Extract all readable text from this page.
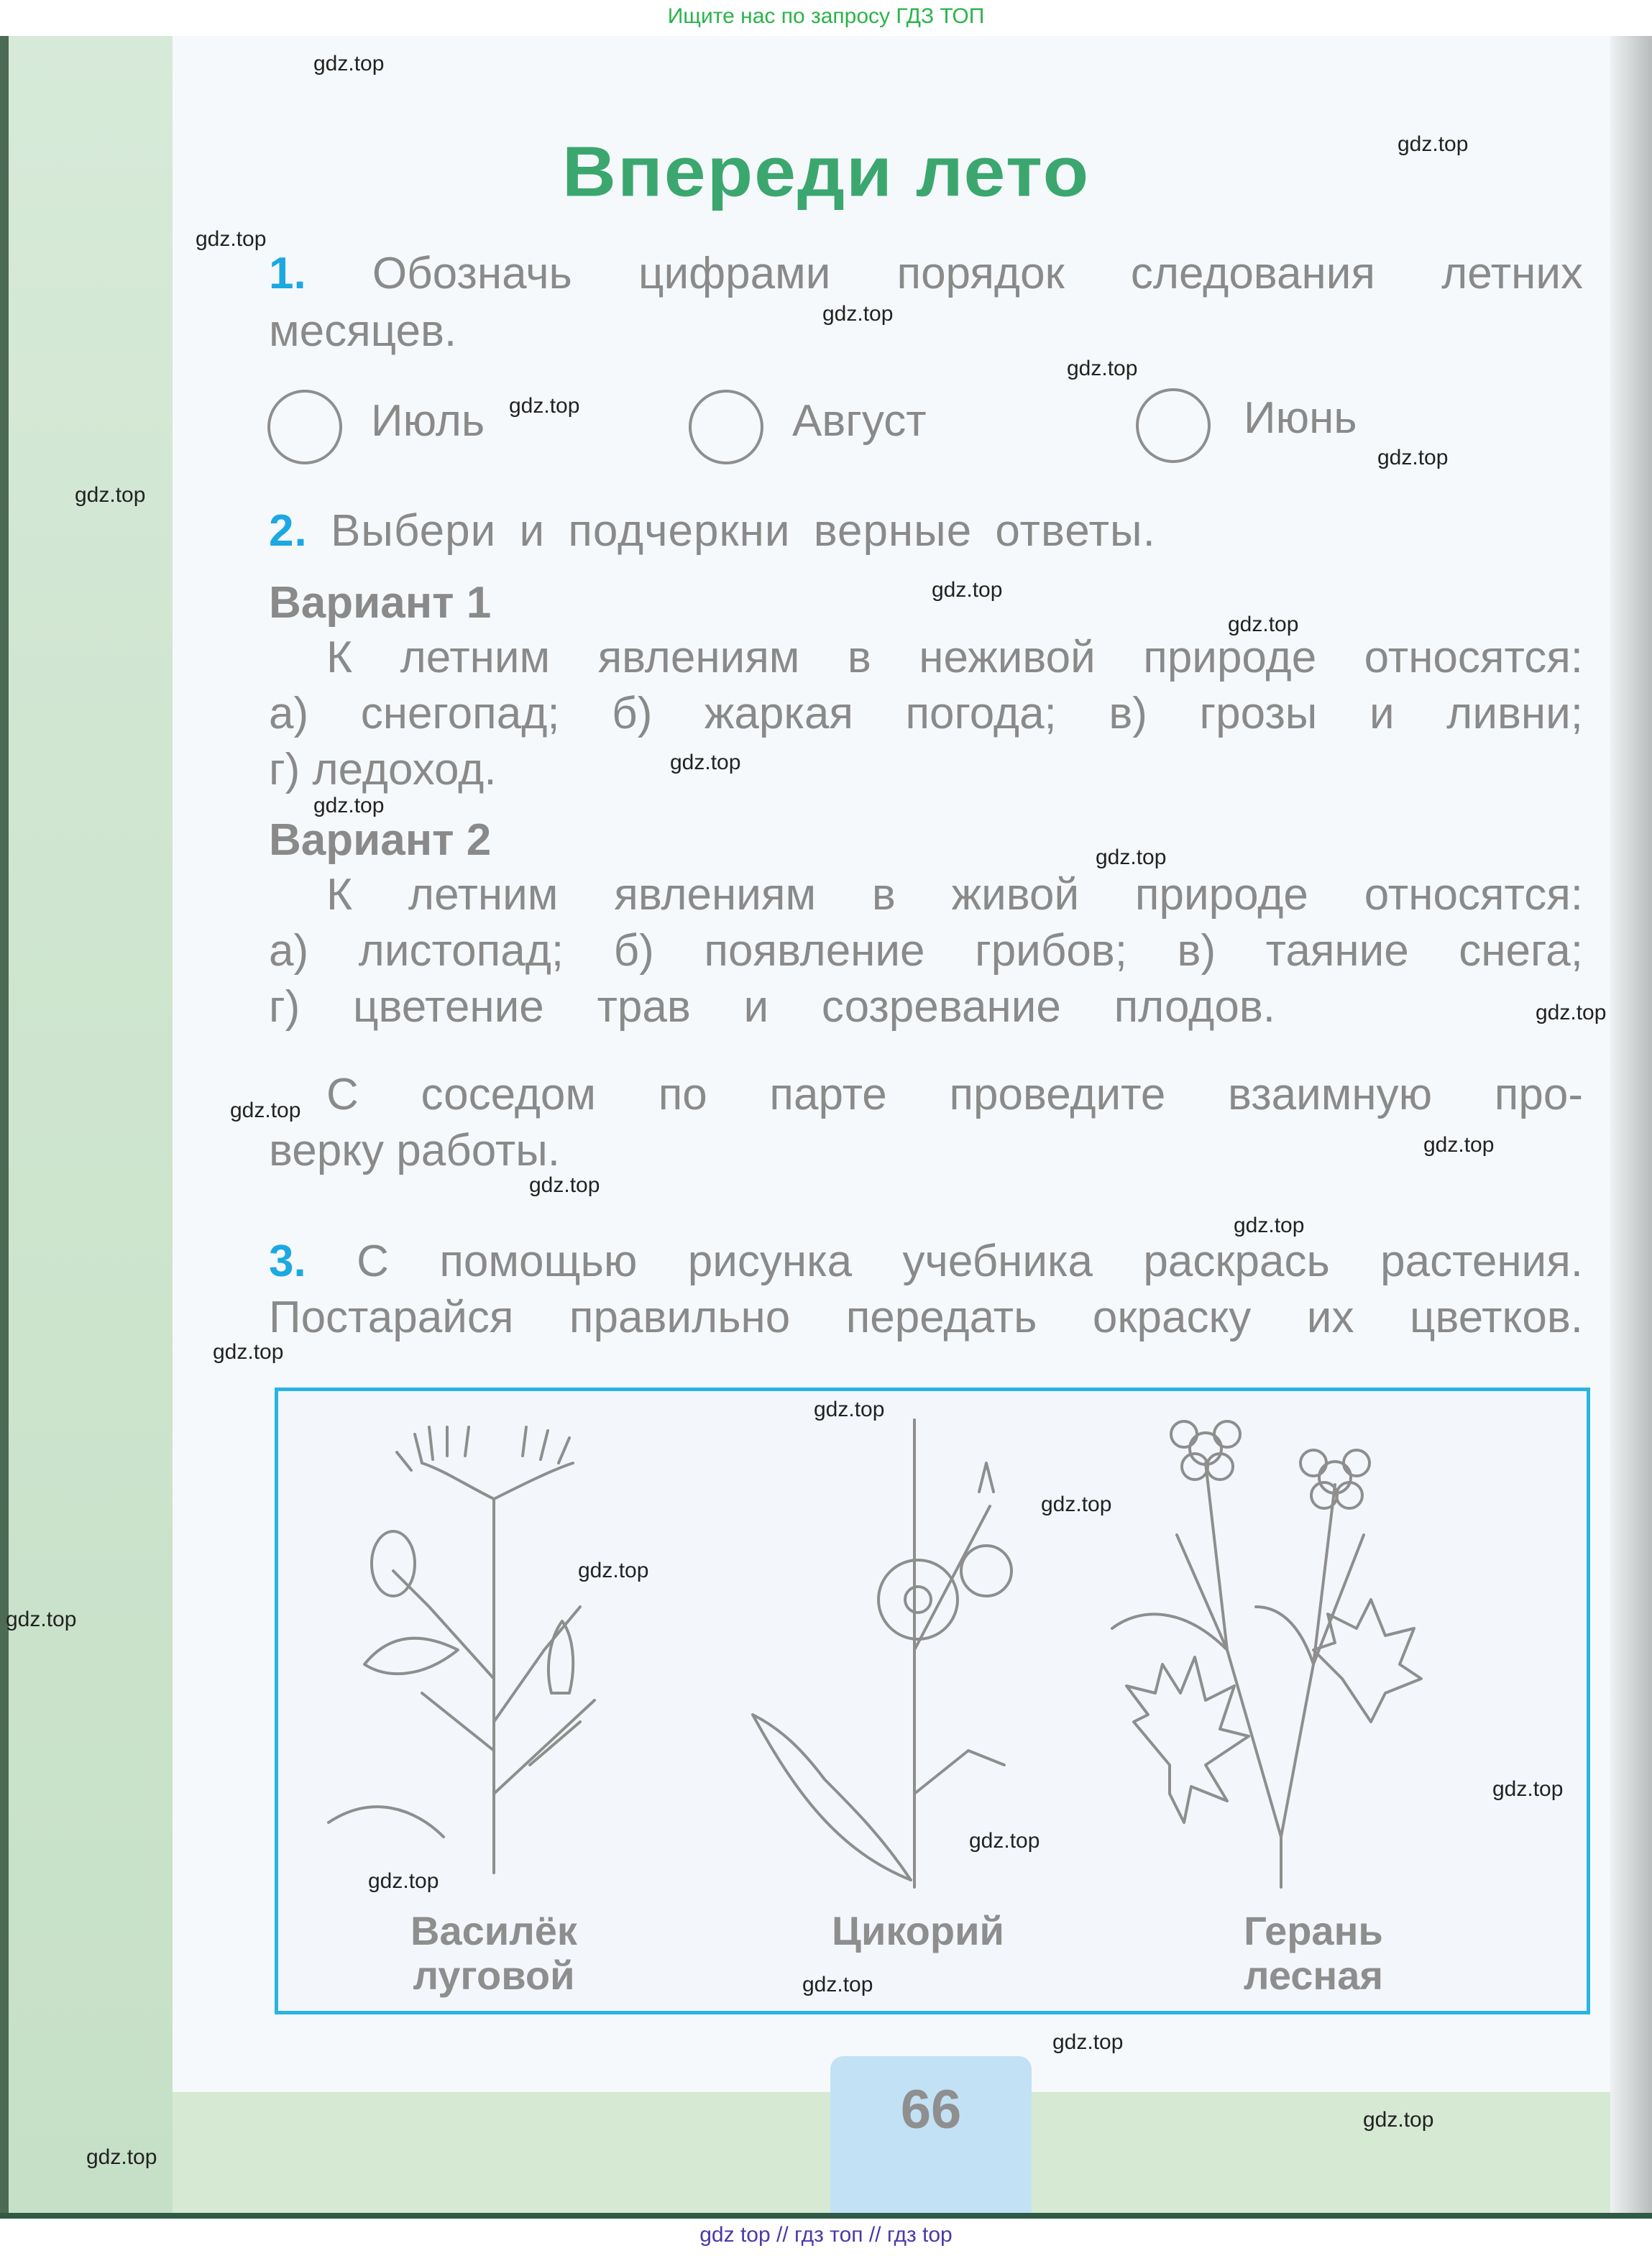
Ищите нас по запросу ГДЗ ТОП
Впереди лето
1. Обозначь цифрами порядок следования летних
месяцев.
Июль	Август	Июнь
2. Выбери и подчеркни верные ответы.
Вариант 1
К летним явлениям в неживой природе относятся:
а) снегопад; б) жаркая погода; в) грозы и ливни;
г) ледоход.
Вариант 2
К летним явлениям в живой природе относятся:
а) листопад; б) появление грибов; в) таяние снега;
г) цветение трав и созревание плодов.
С соседом по парте проведите взаимную про-
верку работы.
3. С помощью рисунка учебника раскрась растения.
Постарайся правильно передать окраску их цветков.
Василёк
луговой
Цикорий	Герань
лесная
66
gdz.top
gdz.top
gdz.top
gdz.top
gdz.top
gdz.top
gdz.top
gdz.top
gdz.top
gdz.top
gdz.top
gdz.top
gdz.top
gdz.top
gdz.top
gdz.top
gdz.top
gdz.top
gdz.top
gdz.top
gdz.top
gdz.top
gdz.top
gdz.top
gdz.top
gdz.top
gdz.top
gdz.top
gdz.top
gdz.top
gdz top // гдз топ // гдз top
